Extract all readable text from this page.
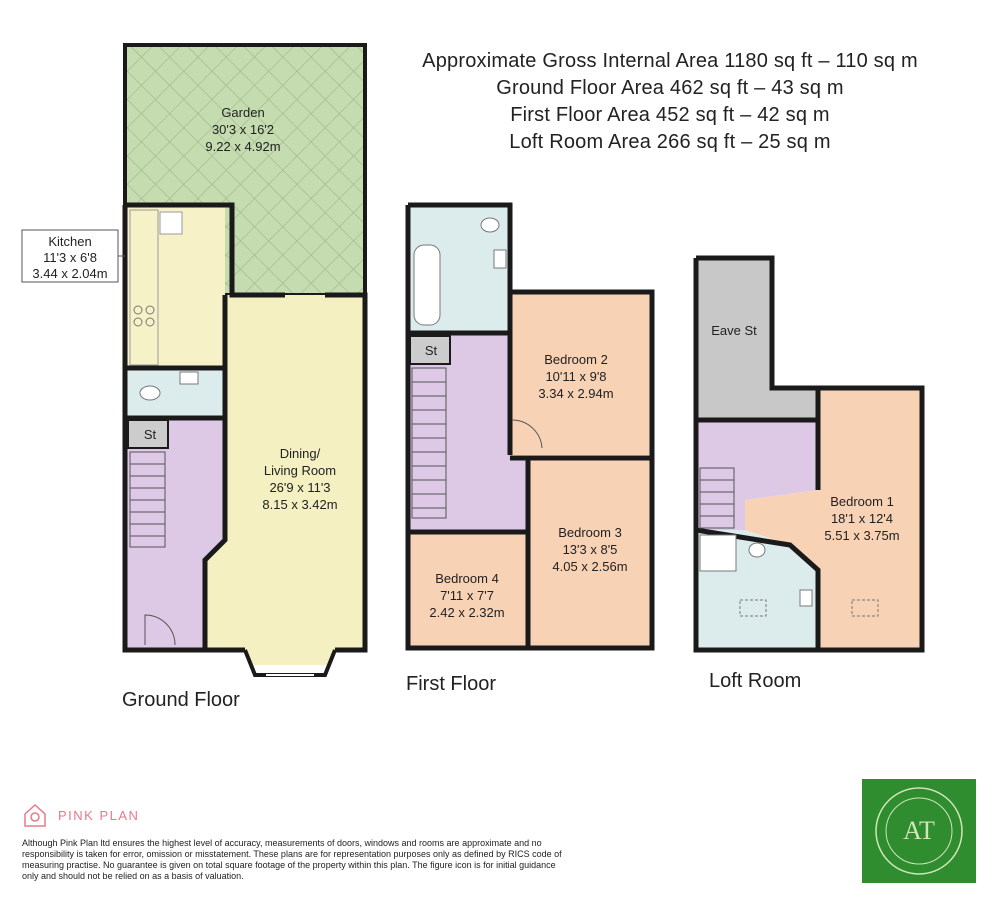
Approximate Gross Internal Area 1180 sq ft – 110 sq m
Ground Floor Area 462 sq ft – 43 sq m
First Floor Area 452 sq ft – 42 sq m
Loft Room Area 266 sq ft – 25 sq m
Kitchen
11'3 x 6'8
3.44 x 2.04m
Garden
30'3 x 16'2
9.22 x 4.92m
Dining/
Living Room
26'9 x 11'3
8.15 x 3.42m
St
Ground Floor
St
Bedroom 2
10'11 x 9'8
3.34 x 2.94m
Bedroom 3
13'3 x 8'5
4.05 x 2.56m
Bedroom 4
7'11 x 7'7
2.42 x 2.32m
First Floor
Eave St
Bedroom 1
18'1 x 12'4
5.51 x 3.75m
Loft Room
PINK PLAN
Although Pink Plan ltd ensures the highest level of accuracy, measurements of doors, windows and rooms are approximate and no responsibility is taken for error, omission or misstatement. These plans are for representation purposes only as defined by RICS code of measuring practise. No guarantee is given on total square footage of the property within this plan. The figure icon is for initial guidance only and should not be relied on as a basis of valuation.
AT
